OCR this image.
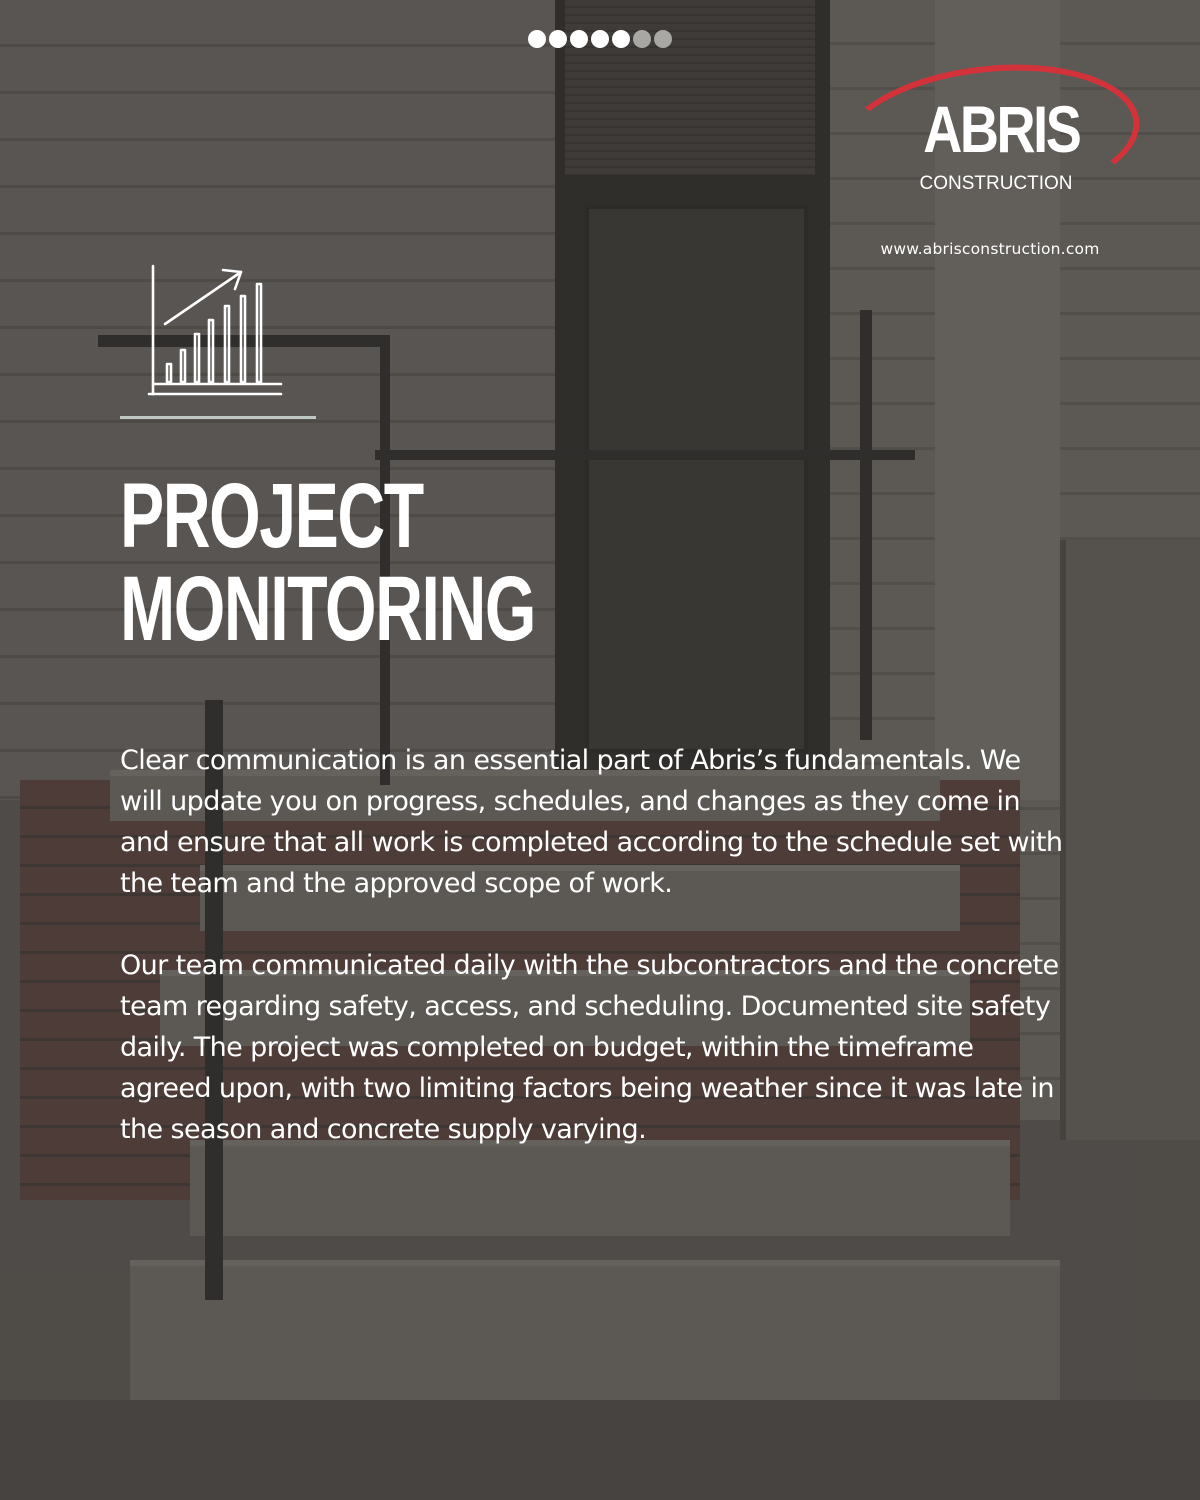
ABRIS
CONSTRUCTION
www.abrisconstruction.com
PROJECT
MONITORING

Clear communication is an essential part of Abris’s fundamentals. We will update you on progress, schedules, and changes as they come in and ensure that all work is completed according to the schedule set with the team and the approved scope of work.

Our team communicated daily with the subcontractors and the concrete team regarding safety, access, and scheduling. Documented site safety daily. The project was completed on budget, within the timeframe agreed upon, with two limiting factors being weather since it was late in the season and concrete supply varying.
